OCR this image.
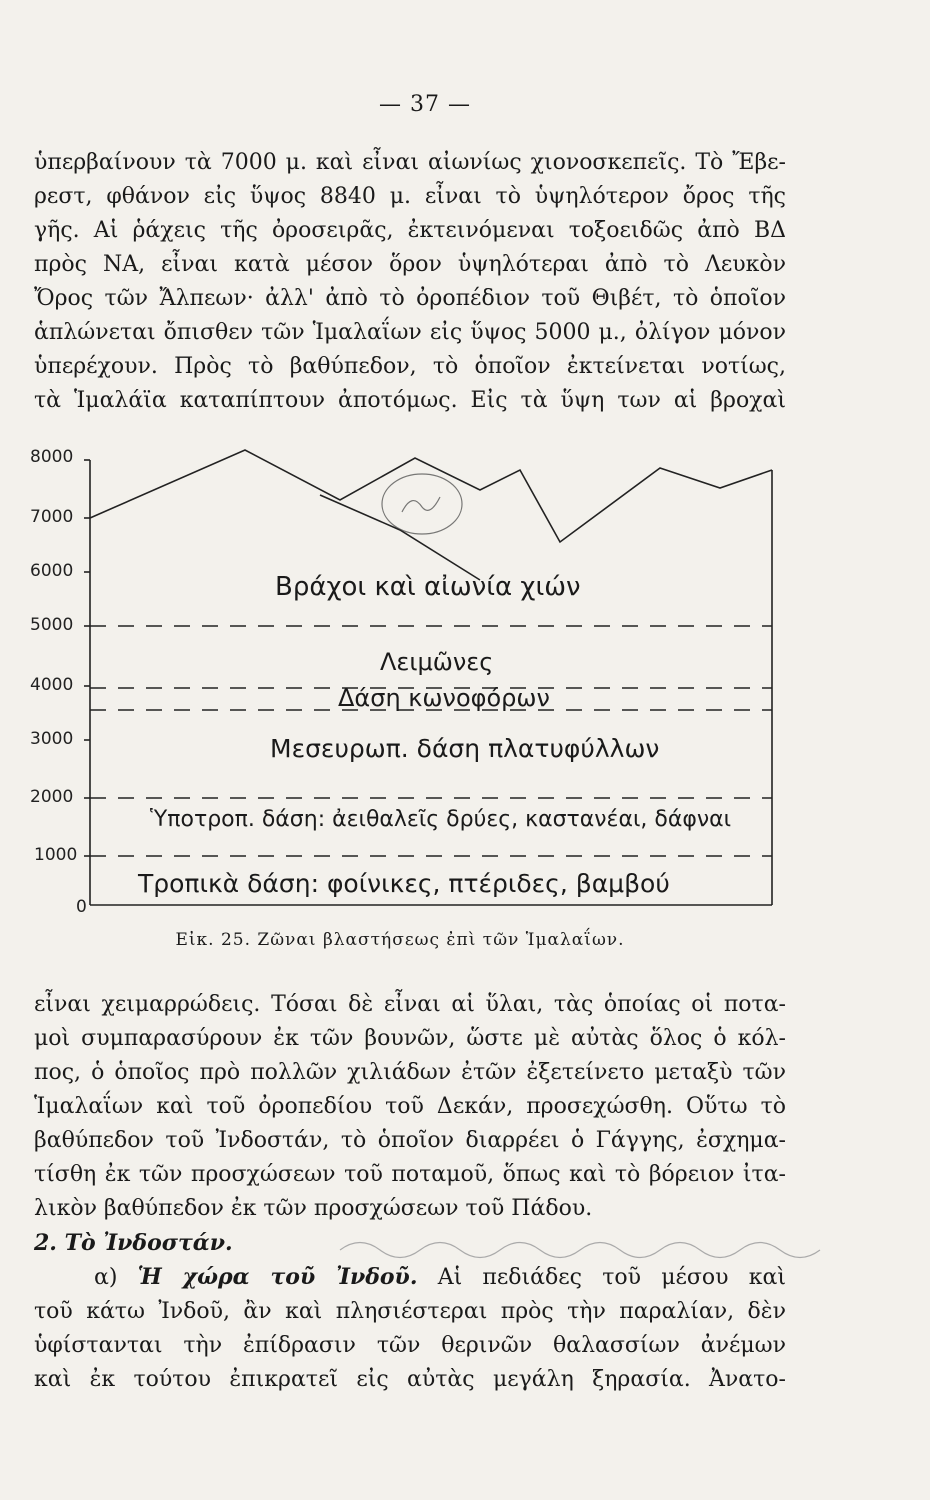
— 37 —
ὑπερβαίνουν τὰ 7000 μ. καὶ εἶναι αἰωνίως χιονοσκεπεῖς. Τὸ Ἔβε-
ρεστ, φθάνον εἰς ὕψος 8840 μ. εἶναι τὸ ὑψηλότερον ὄρος τῆς
γῆς. Αἱ ῥάχεις τῆς ὀροσειρᾶς, ἐκτεινόμεναι τοξοειδῶς ἀπὸ ΒΔ
πρὸς ΝΑ, εἶναι κατὰ μέσον ὅρον ὑψηλότεραι ἀπὸ τὸ Λευκὸν
Ὄρος τῶν Ἄλπεων· ἀλλ' ἀπὸ τὸ ὀροπέδιον τοῦ Θιβέτ, τὸ ὁποῖον
ἁπλώνεται ὄπισθεν τῶν Ἱμαλαΐων εἰς ὕψος 5000 μ., ὀλίγον μόνον
ὑπερέχουν. Πρὸς τὸ βαθύπεδον, τὸ ὁποῖον ἐκτείνεται νοτίως,
τὰ Ἱμαλάϊα καταπίπτουν ἀποτόμως. Εἰς τὰ ὕψη των αἱ βροχαὶ
8000
7000
6000
5000
4000
3000
2000
1000
0
Βράχοι καὶ αἰωνία χιών
Λειμῶνες
Δάση κωνοφόρων
Μεσευρωπ. δάση πλατυφύλλων
Ὑποτροπ. δάση: ἀειθαλεῖς δρύες, καστανέαι, δάφναι
Τροπικὰ δάση: φοίνικες, πτέριδες, βαμβού
Εἰκ. 25. Ζῶναι βλαστήσεως ἐπὶ τῶν Ἱμαλαΐων.
εἶναι χειμαρρώδεις. Τόσαι δὲ εἶναι αἱ ὕλαι, τὰς ὁποίας οἱ ποτα-
μοὶ συμπαρασύρουν ἐκ τῶν βουνῶν, ὥστε μὲ αὐτὰς ὅλος ὁ κόλ-
πος, ὁ ὁποῖος πρὸ πολλῶν χιλιάδων ἐτῶν ἐξετείνετο μεταξὺ τῶν
Ἱμαλαΐων καὶ τοῦ ὀροπεδίου τοῦ Δεκάν, προσεχώσθη. Οὕτω τὸ
βαθύπεδον τοῦ Ἰνδοστάν, τὸ ὁποῖον διαρρέει ὁ Γάγγης, ἐσχημα-
τίσθη ἐκ τῶν προσχώσεων τοῦ ποταμοῦ, ὅπως καὶ τὸ βόρειον ἰτα-
λικὸν βαθύπεδον ἐκ τῶν προσχώσεων τοῦ Πάδου.
2. Τὸ Ἰνδοστάν.
α) Ἡ χώρα τοῦ Ἰνδοῦ. Αἱ πεδιάδες τοῦ μέσου καὶ
τοῦ κάτω Ἰνδοῦ, ἂν καὶ πλησιέστεραι πρὸς τὴν παραλίαν, δὲν
ὑφίστανται τὴν ἐπίδρασιν τῶν θερινῶν θαλασσίων ἀνέμων
καὶ ἐκ τούτου ἐπικρατεῖ εἰς αὐτὰς μεγάλη ξηρασία. Ἀνατο-
